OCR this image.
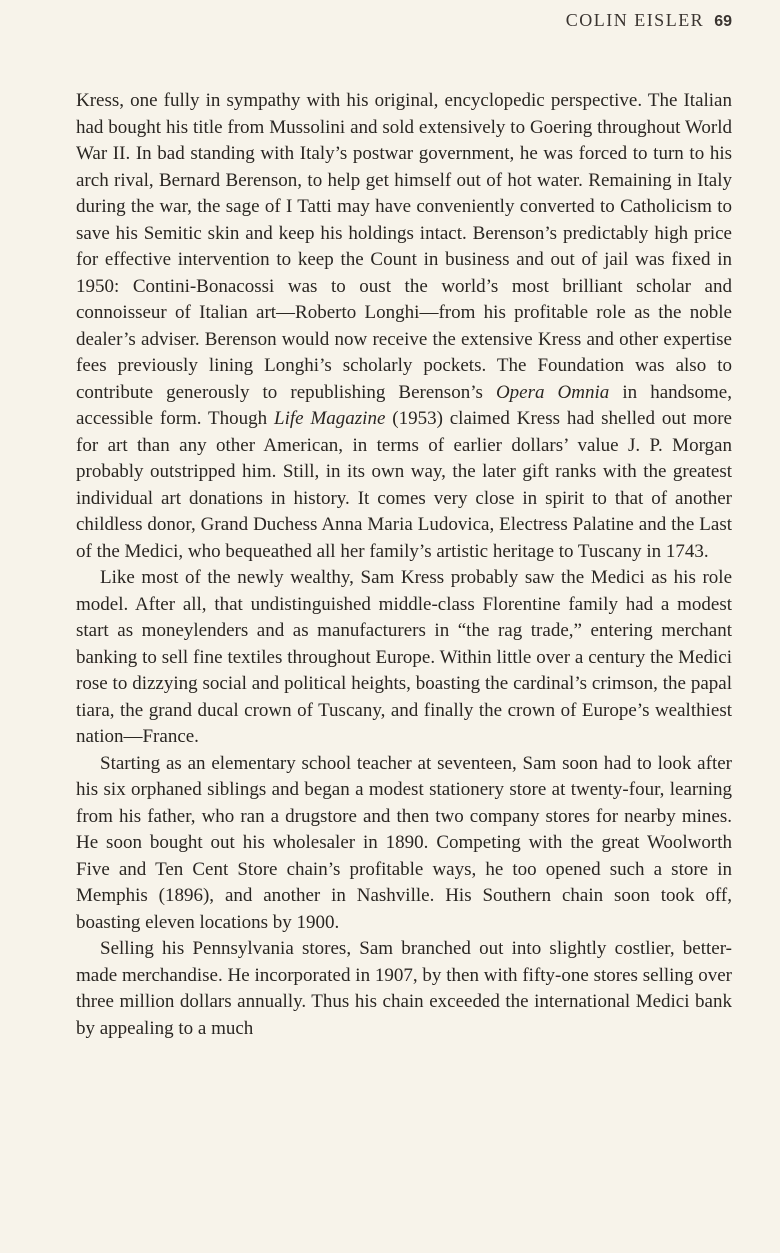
COLIN EISLER 69

Kress, one fully in sympathy with his original, encyclopedic perspective. The Italian had bought his title from Mussolini and sold extensively to Goering throughout World War II. In bad standing with Italy’s postwar government, he was forced to turn to his arch rival, Bernard Berenson, to help get himself out of hot water. Remaining in Italy during the war, the sage of I Tatti may have conveniently converted to Catholicism to save his Semitic skin and keep his holdings intact. Berenson’s predictably high price for effective intervention to keep the Count in business and out of jail was fixed in 1950: Contini-Bonacossi was to oust the world’s most brilliant scholar and connoisseur of Italian art—Roberto Longhi—from his profitable role as the noble dealer’s adviser. Berenson would now receive the extensive Kress and other expertise fees previously lining Longhi’s scholarly pockets. The Foundation was also to contribute generously to republishing Berenson’s Opera Omnia in handsome, accessible form. Though Life Magazine (1953) claimed Kress had shelled out more for art than any other American, in terms of earlier dollars’ value J. P. Morgan probably outstripped him. Still, in its own way, the later gift ranks with the greatest individual art donations in history. It comes very close in spirit to that of another childless donor, Grand Duchess Anna Maria Ludovica, Electress Palatine and the Last of the Medici, who bequeathed all her family’s artistic heritage to Tuscany in 1743.

Like most of the newly wealthy, Sam Kress probably saw the Medici as his role model. After all, that undistinguished middle-class Florentine family had a modest start as moneylenders and as manufacturers in “the rag trade,” entering merchant banking to sell fine textiles throughout Europe. Within little over a century the Medici rose to dizzying social and political heights, boasting the cardinal’s crimson, the papal tiara, the grand ducal crown of Tuscany, and finally the crown of Europe’s wealthiest nation—France.

Starting as an elementary school teacher at seventeen, Sam soon had to look after his six orphaned siblings and began a modest stationery store at twenty-four, learning from his father, who ran a drugstore and then two company stores for nearby mines. He soon bought out his wholesaler in 1890. Competing with the great Woolworth Five and Ten Cent Store chain’s profitable ways, he too opened such a store in Memphis (1896), and another in Nashville. His Southern chain soon took off, boasting eleven locations by 1900.

Selling his Pennsylvania stores, Sam branched out into slightly costlier, better-made merchandise. He incorporated in 1907, by then with fifty-one stores selling over three million dollars annually. Thus his chain exceeded the international Medici bank by appealing to a much
